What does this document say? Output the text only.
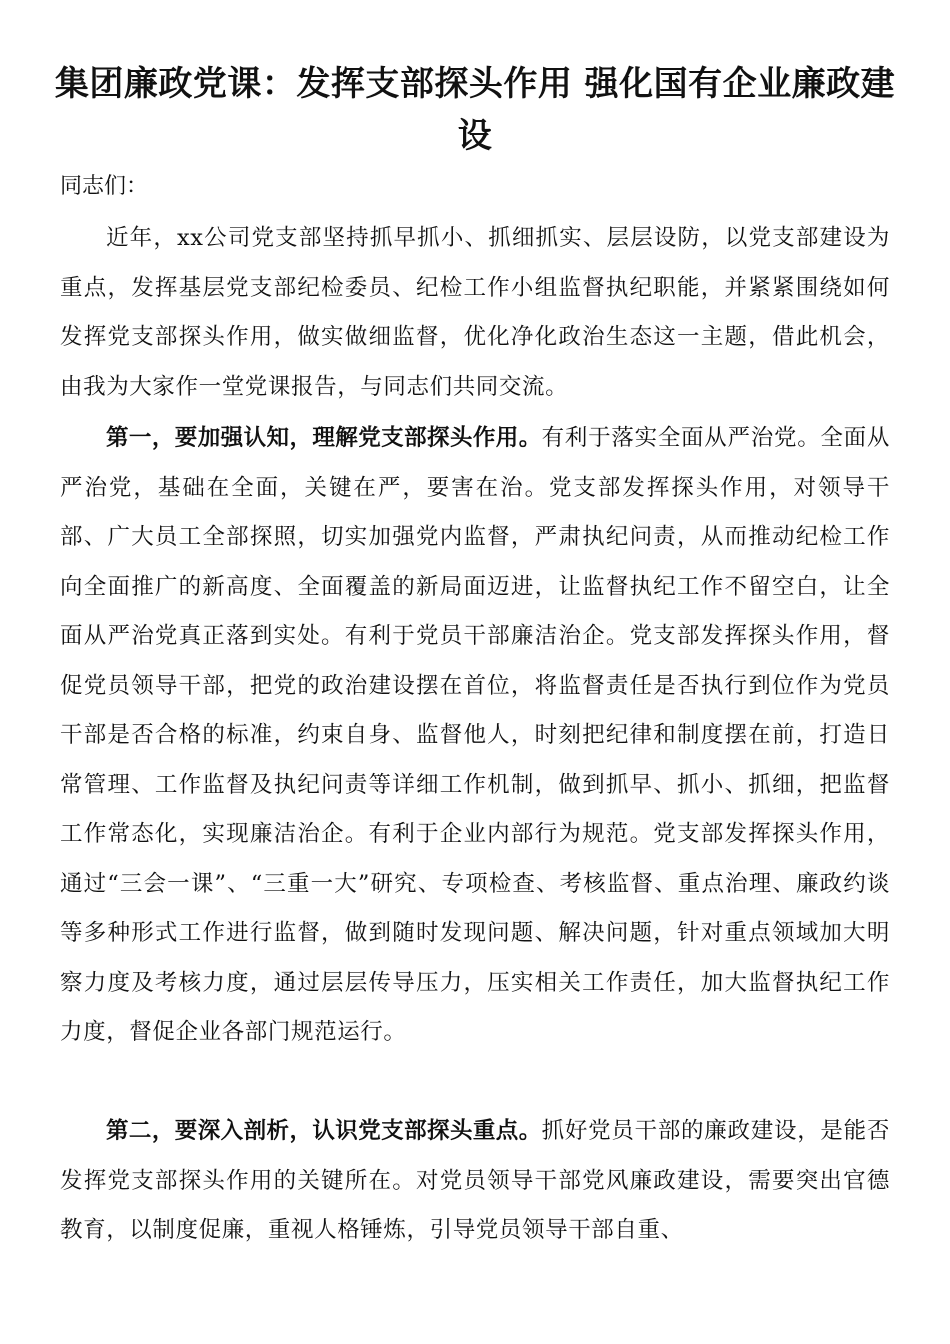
集团廉政党课：发挥支部探头作用 强化国有企业廉政建设

同志们：

近年，xx公司党支部坚持抓早抓小、抓细抓实、层层设防，以党支部建设为重点，发挥基层党支部纪检委员、纪检工作小组监督执纪职能，并紧紧围绕如何发挥党支部探头作用，做实做细监督，优化净化政治生态这一主题，借此机会，由我为大家作一堂党课报告，与同志们共同交流。

第一，要加强认知，理解党支部探头作用。有利于落实全面从严治党。全面从严治党，基础在全面，关键在严，要害在治。党支部发挥探头作用，对领导干部、广大员工全部探照，切实加强党内监督，严肃执纪问责，从而推动纪检工作向全面推广的新高度、全面覆盖的新局面迈进，让监督执纪工作不留空白，让全面从严治党真正落到实处。有利于党员干部廉洁治企。党支部发挥探头作用，督促党员领导干部，把党的政治建设摆在首位，将监督责任是否执行到位作为党员干部是否合格的标准，约束自身、监督他人，时刻把纪律和制度摆在前，打造日常管理、工作监督及执纪问责等详细工作机制，做到抓早、抓小、抓细，把监督工作常态化，实现廉洁治企。有利于企业内部行为规范。党支部发挥探头作用，通过“三会一课”、“三重一大”研究、专项检查、考核监督、重点治理、廉政约谈等多种形式工作进行监督，做到随时发现问题、解决问题，针对重点领域加大明察力度及考核力度，通过层层传导压力，压实相关工作责任，加大监督执纪工作力度，督促企业各部门规范运行。

第二，要深入剖析，认识党支部探头重点。抓好党员干部的廉政建设，是能否发挥党支部探头作用的关键所在。对党员领导干部党风廉政建设，需要突出官德教育，以制度促廉，重视人格锤炼，引导党员领导干部自重、
